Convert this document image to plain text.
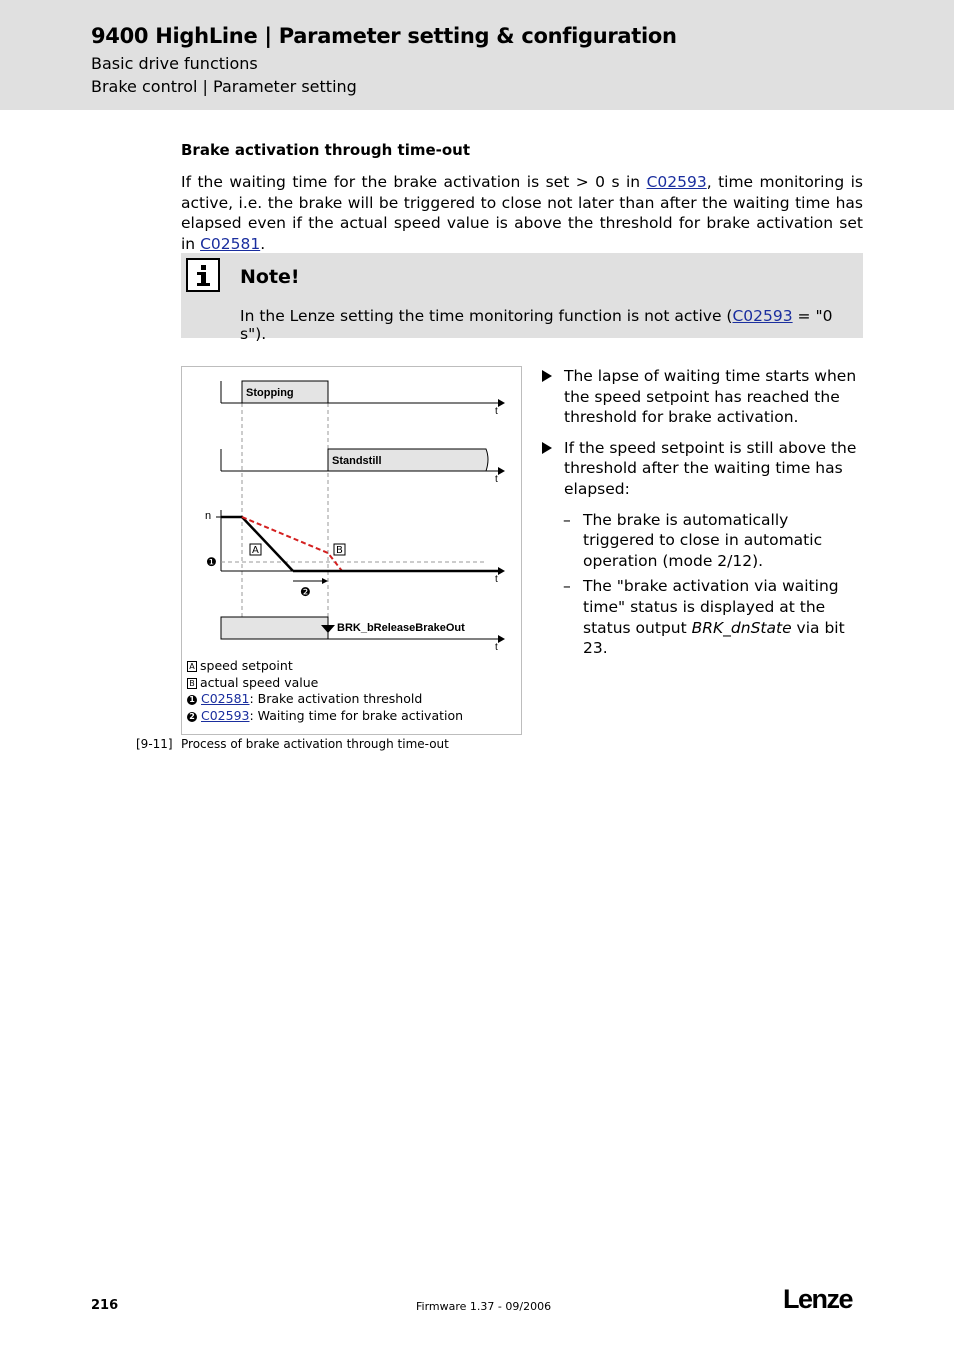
9400 HighLine | Parameter setting & configuration
Basic drive functions
Brake control | Parameter setting
Brake activation through time-out
If the waiting time for the brake activation is set > 0 s in C02593, time monitoring is active, i.e. the brake will be triggered to close not later than after the waiting time has elapsed even if the actual speed value is above the threshold for brake activation set in C02581.
Note!
In the Lenze setting the time monitoring function is not active (C02593 = "0 s").
Stopping
t
Standstill
t
n
❶
A	B
❷
t
BRK_bReleaseBrakeOut
t
A speed setpoint
B actual speed value
1 C02581: Brake activation threshold
2 C02593: Waiting time for brake activation
[9-11] Process of brake activation through time-out
The lapse of waiting time starts when the speed setpoint has reached the threshold for brake activation.
If the speed setpoint is still above the threshold after the waiting time has elapsed:
– The brake is automatically triggered to close in automatic operation (mode 2/12).
– The "brake activation via waiting time" status is displayed at the status output BRK_dnState via bit 23.
216	Firmware 1.37 - 09/2006	Lenze
